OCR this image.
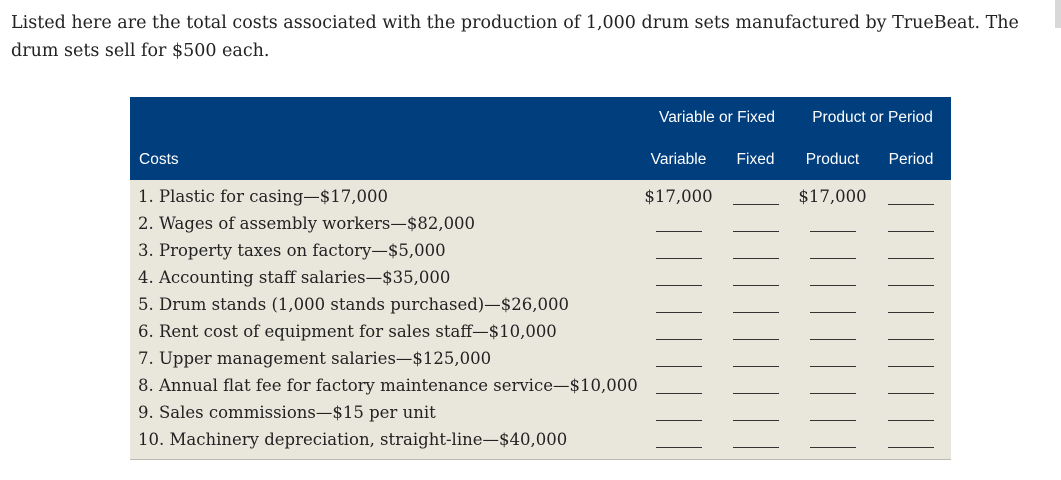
Listed here are the total costs associated with the production of 1,000 drum sets manufactured by TrueBeat. The drum sets sell for $500 each.
	Variable or Fixed		Product or Period	
Costs	Variable	Fixed	Product	Period
1. Plastic for casing—$17,000	$17,000		$17,000	
2. Wages of assembly workers—$82,000				
3. Property taxes on factory—$5,000				
4. Accounting staff salaries—$35,000				
5. Drum stands (1,000 stands purchased)—$26,000				
6. Rent cost of equipment for sales staff—$10,000				
7. Upper management salaries—$125,000				
8. Annual flat fee for factory maintenance service—$10,000				
9. Sales commissions—$15 per unit				
10. Machinery depreciation, straight-line—$40,000				
